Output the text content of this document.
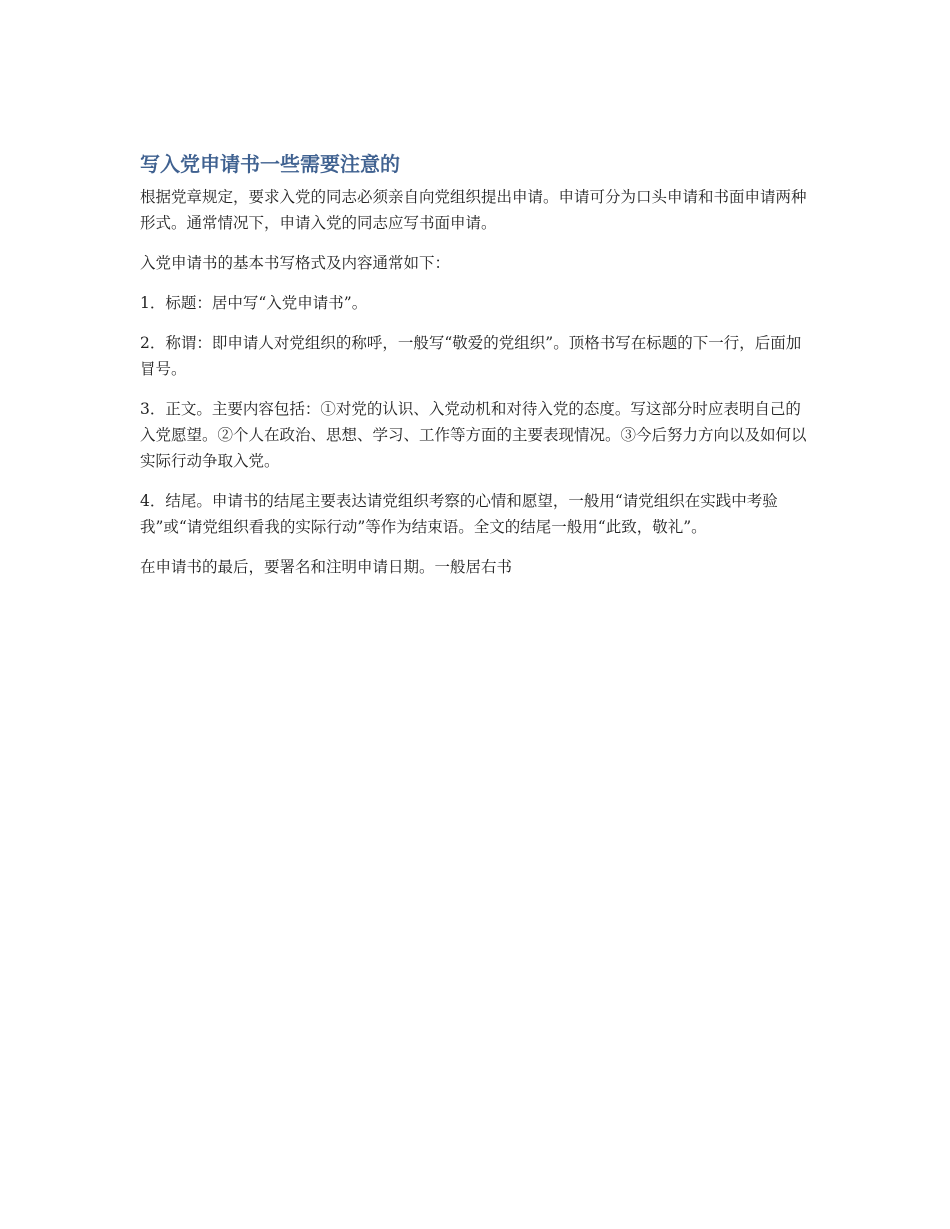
写入党申请书一些需要注意的

根据党章规定，要求入党的同志必须亲自向党组织提出申请。申请可分为口头申请和书面申请两种形式。通常情况下，申请入党的同志应写书面申请。

入党申请书的基本书写格式及内容通常如下：

1．标题：居中写“入党申请书”。

2．称谓：即申请人对党组织的称呼，一般写“敬爱的党组织”。顶格书写在标题的下一行，后面加冒号。

3．正文。主要内容包括：①对党的认识、入党动机和对待入党的态度。写这部分时应表明自己的入党愿望。②个人在政治、思想、学习、工作等方面的主要表现情况。③今后努力方向以及如何以实际行动争取入党。

4．结尾。申请书的结尾主要表达请党组织考察的心情和愿望，一般用“请党组织在实践中考验我”或“请党组织看我的实际行动”等作为结束语。全文的结尾一般用“此致，敬礼”。

在申请书的最后，要署名和注明申请日期。一般居右书
